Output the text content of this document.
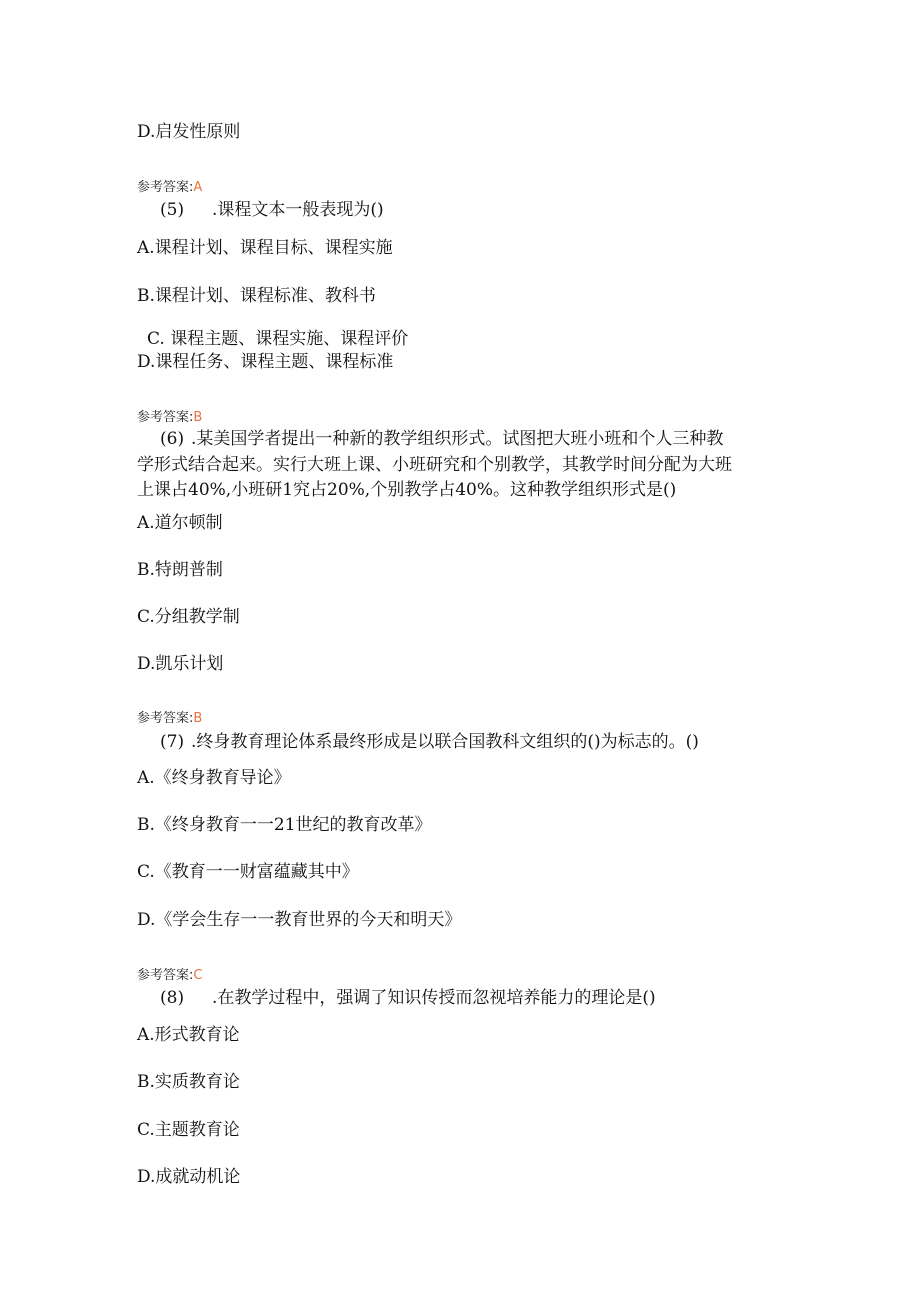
D.启发性原则
参考答案:A
(5) .课程文本一般表现为()
A.课程计划、课程目标、课程实施
B.课程计划、课程标准、教科书
C. 课程主题、课程实施、课程评价
D.课程任务、课程主题、课程标准
参考答案:B
(6) .某美国学者提出一种新的教学组织形式。试图把大班小班和个人三种教
学形式结合起来。实行大班上课、小班研究和个别教学，其教学时间分配为大班
上课占40%,小班研1究占20%,个别教学占40%。这种教学组织形式是()
A.道尔顿制
B.特朗普制
C.分组教学制
D.凯乐计划
参考答案:B
(7) .终身教育理论体系最终形成是以联合国教科文组织的()为标志的。()
A.《终身教育导论》
B.《终身教育一一21世纪的教育改革》
C.《教育一一财富蕴藏其中》
D.《学会生存一一教育世界的今天和明天》
参考答案:C
(8) .在教学过程中，强调了知识传授而忽视培养能力的理论是()
A.形式教育论
B.实质教育论
C.主题教育论
D.成就动机论
